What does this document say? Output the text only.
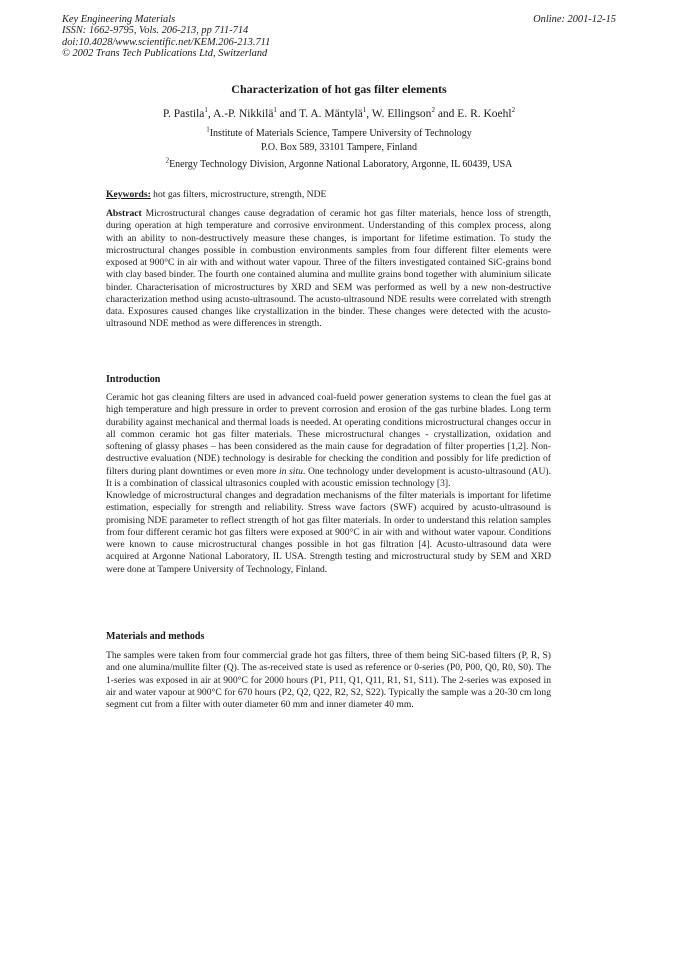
Key Engineering Materials
ISSN: 1662-9795, Vols. 206-213, pp 711-714
doi:10.4028/www.scientific.net/KEM.206-213.711
© 2002 Trans Tech Publications Ltd, Switzerland
Online: 2001-12-15
Characterization of hot gas filter elements
P. Pastila$^1$, A.-P. Nikkilä$^1$ and T. A. Mäntylä$^1$, W. Ellingson$^2$ and E. R. Koehl$^2$
$^1$Institute of Materials Science, Tampere University of Technology
P.O. Box 589, 33101 Tampere, Finland
$^2$Energy Technology Division, Argonne National Laboratory, Argonne, IL 60439, USA
Keywords: hot gas filters, microstructure, strength, NDE
Abstract Microstructural changes cause degradation of ceramic hot gas filter materials, hence loss of strength, during operation at high temperature and corrosive environment. Understanding of this complex process, along with an ability to non-destructively measure these changes, is important for lifetime estimation. To study the microstructural changes possible in combustion environments samples from four different filter elements were exposed at 900°C in air with and without water vapour. Three of the filters investigated contained SiC-grains bond with clay based binder. The fourth one contained alumina and mullite grains bond together with aluminium silicate binder. Characterisation of microstructures by XRD and SEM was performed as well by a new non-destructive characterization method using acusto-ultrasound. The acusto-ultrasound NDE results were correlated with strength data. Exposures caused changes like crystallization in the binder. These changes were detected with the acusto-ultrasound NDE method as were differences in strength.
Introduction

Ceramic hot gas cleaning filters are used in advanced coal-fueld power generation systems to clean the fuel gas at high temperature and high pressure in order to prevent corrosion and erosion of the gas turbine blades. Long term durability against mechanical and thermal loads is needed. At operating conditions microstructural changes occur in all common ceramic hot gas filter materials. These microstructural changes - crystallization, oxidation and softening of glassy phases – has been considered as the main cause for degradation of filter properties [1,2]. Non-destructive evaluation (NDE) technology is desirable for checking the condition and possibly for life prediction of filters during plant downtimes or even more in situ. One technology under development is acusto-ultrasound (AU). It is a combination of classical ultrasonics coupled with acoustic emission technology [3].

Knowledge of microstructural changes and degradation mechanisms of the filter materials is important for lifetime estimation, especially for strength and reliability. Stress wave factors (SWF) acquired by acusto-ultrasound is promising NDE parameter to reflect strength of hot gas filter materials. In order to understand this relation samples from four different ceramic hot gas filters were exposed at 900°C in air with and without water vapour. Conditions were known to cause microstructural changes possible in hot gas filtration [4]. Acusto-ultrasound data were acquired at Argonne National Laboratory, IL USA. Strength testing and microstructural study by SEM and XRD were done at Tampere University of Technology, Finland.

Materials and methods

The samples were taken from four commercial grade hot gas filters, three of them being SiC-based filters (P, R, S) and one alumina/mullite filter (Q). The as-received state is used as reference or 0-series (P0, P00, Q0, R0, S0). The 1-series was exposed in air at 900°C for 2000 hours (P1, P11, Q1, Q11, R1, S1, S11). The 2-series was exposed in air and water vapour at 900°C for 670 hours (P2, Q2, Q22, R2, S2, S22). Typically the sample was a 20-30 cm long segment cut from a filter with outer diameter 60 mm and inner diameter 40 mm.
